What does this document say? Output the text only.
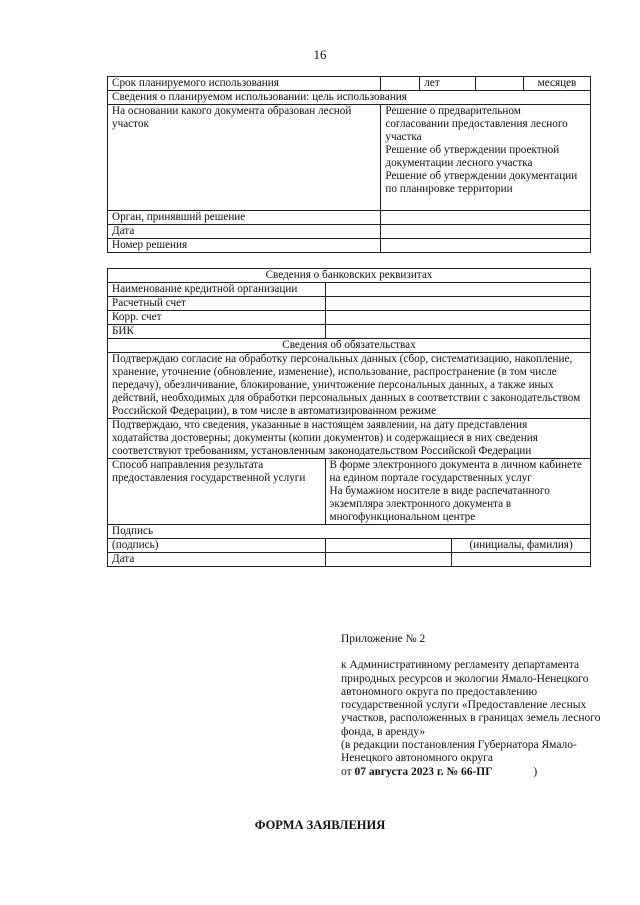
16
Срок планируемого использования		лет		месяцев
Сведения о планируемом использовании: цель использования				
На основании какого документа образован лесной участок	Решение о предварительном согласовании предоставления лесного участка
Решение об утверждении проектной документации лесного участка
Решение об утверждении документации по планировке территории			

Орган, принявший решение				
Дата				
Номер решения				
Сведения о банковских реквизитах		
Наименование кредитной организации		
Расчетный счет		
Корр. счет		
БИК		
Сведения об обязательствах		
Подтверждаю согласие на обработку персональных данных (сбор, систематизацию, накопление, хранение, уточнение (обновление, изменение), использование, распространение (в том числе передачу), обезличивание, блокирование, уничтожение персональных данных, а также иных действий, необходимых для обработки персональных данных в соответствии с законодательством Российской Федерации), в том числе в автоматизированном режиме		
Подтверждаю, что сведения, указанные в настоящем заявлении, на дату представления ходатайства достоверны; документы (копии документов) и содержащиеся в них сведения соответствуют требованиям, установленным законодательством Российской Федерации		
Способ направления результата предоставления государственной услуги	В форме электронного документа в личном кабинете на едином портале государственных услуг
На бумажном носителе в виде распечатанного экземпляра электронного документа в многофункциональном центре	

Подпись		
(подпись)		(инициалы, фамилия)
Дата		

Приложение № 2

к Административному регламенту департамента природных ресурсов и экологии Ямало-Ненецкого автономного округа по предоставлению государственной услуги «Предоставление лесных участков, расположенных в границах земель лесного фонда, в аренду»

(в редакции постановления Губернатора Ямало-Ненецкого автономного округа

от 07 августа 2023 г. № 66-ПГ	)

ФОРМА ЗАЯВЛЕНИЯ
